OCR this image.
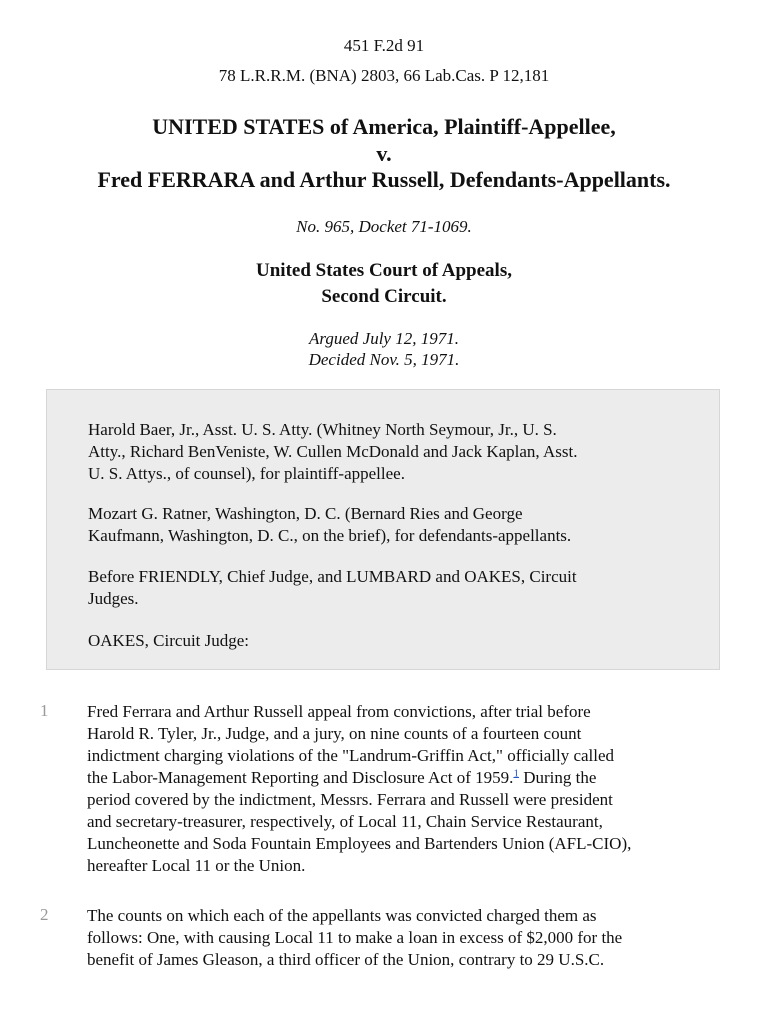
451 F.2d 91
78 L.R.R.M. (BNA) 2803, 66 Lab.Cas. P 12,181
UNITED STATES of America, Plaintiff-Appellee,
v.
Fred FERRARA and Arthur Russell, Defendants-Appellants.
No. 965, Docket 71-1069.
United States Court of Appeals,
Second Circuit.
Argued July 12, 1971.
Decided Nov. 5, 1971.

Harold Baer, Jr., Asst. U. S. Atty. (Whitney North Seymour, Jr., U. S.
Atty., Richard BenVeniste, W. Cullen McDonald and Jack Kaplan, Asst.
U. S. Attys., of counsel), for plaintiff-appellee.

Mozart G. Ratner, Washington, D. C. (Bernard Ries and George
Kaufmann, Washington, D. C., on the brief), for defendants-appellants.

Before FRIENDLY, Chief Judge, and LUMBARD and OAKES, Circuit
Judges.

OAKES, Circuit Judge:

1	Fred Ferrara and Arthur Russell appeal from convictions, after trial before
Harold R. Tyler, Jr., Judge, and a jury, on nine counts of a fourteen count
indictment charging violations of the "Landrum-Griffin Act," officially called
the Labor-Management Reporting and Disclosure Act of 1959.$^1$ During the
period covered by the indictment, Messrs. Ferrara and Russell were president
and secretary-treasurer, respectively, of Local 11, Chain Service Restaurant,
Luncheonette and Soda Fountain Employees and Bartenders Union (AFL-CIO),
hereafter Local 11 or the Union.

2	The counts on which each of the appellants was convicted charged them as
follows: One, with causing Local 11 to make a loan in excess of $2,000 for the
benefit of James Gleason, a third officer of the Union, contrary to 29 U.S.C.
